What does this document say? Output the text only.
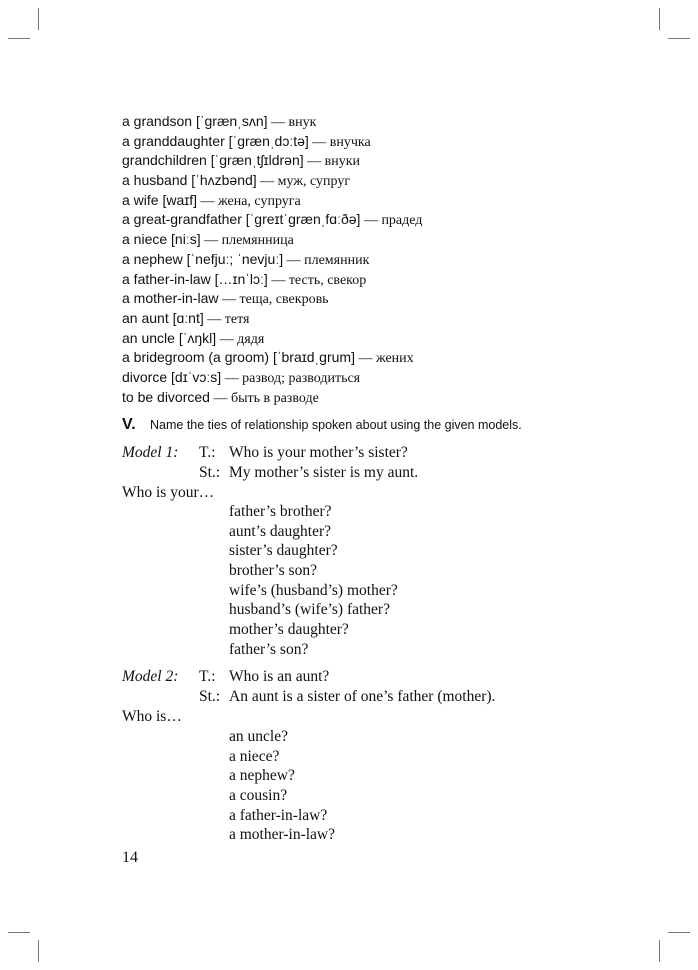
a grandson [ˈgrænˌsʌn] — внук
a granddaughter [ˈgrænˌdɔːtə] — внучка
grandchildren [ˈgrænˌtʃɪldrən] — внуки
a husband [ˈhʌzbənd] — муж, супруг
a wife [waɪf] — жена, супруга
a great-grandfather [ˈgreɪtˈgrænˌfɑːðə] — прадед
a niece [niːs] — племянница
a nephew [ˈnefjuː; ˈnevjuː] — племянник
a father-in-law […ɪnˈlɔː] — тесть, свекор
a mother-in-law — теща, свекровь
an aunt [ɑːnt] — тетя
an uncle [ˈʌŋkl] — дядя
a bridegroom (a groom) [ˈbraɪdˌgrum] — жених
divorce [dɪˈvɔːs] — развод; разводиться
to be divorced — быть в разводе
V. Name the ties of relationship spoken about using the given models.
Model 1: T.: Who is your mother’s sister?
St.: My mother’s sister is my aunt.
Who is your…
father’s brother?
aunt’s daughter?
sister’s daughter?
brother’s son?
wife’s (husband’s) mother?
husband’s (wife’s) father?
mother’s daughter?
father’s son?
Model 2: T.: Who is an aunt?
St.: An aunt is a sister of one’s father (mother).
Who is…
an uncle?
a niece?
a nephew?
a cousin?
a father-in-law?
a mother-in-law?
14
